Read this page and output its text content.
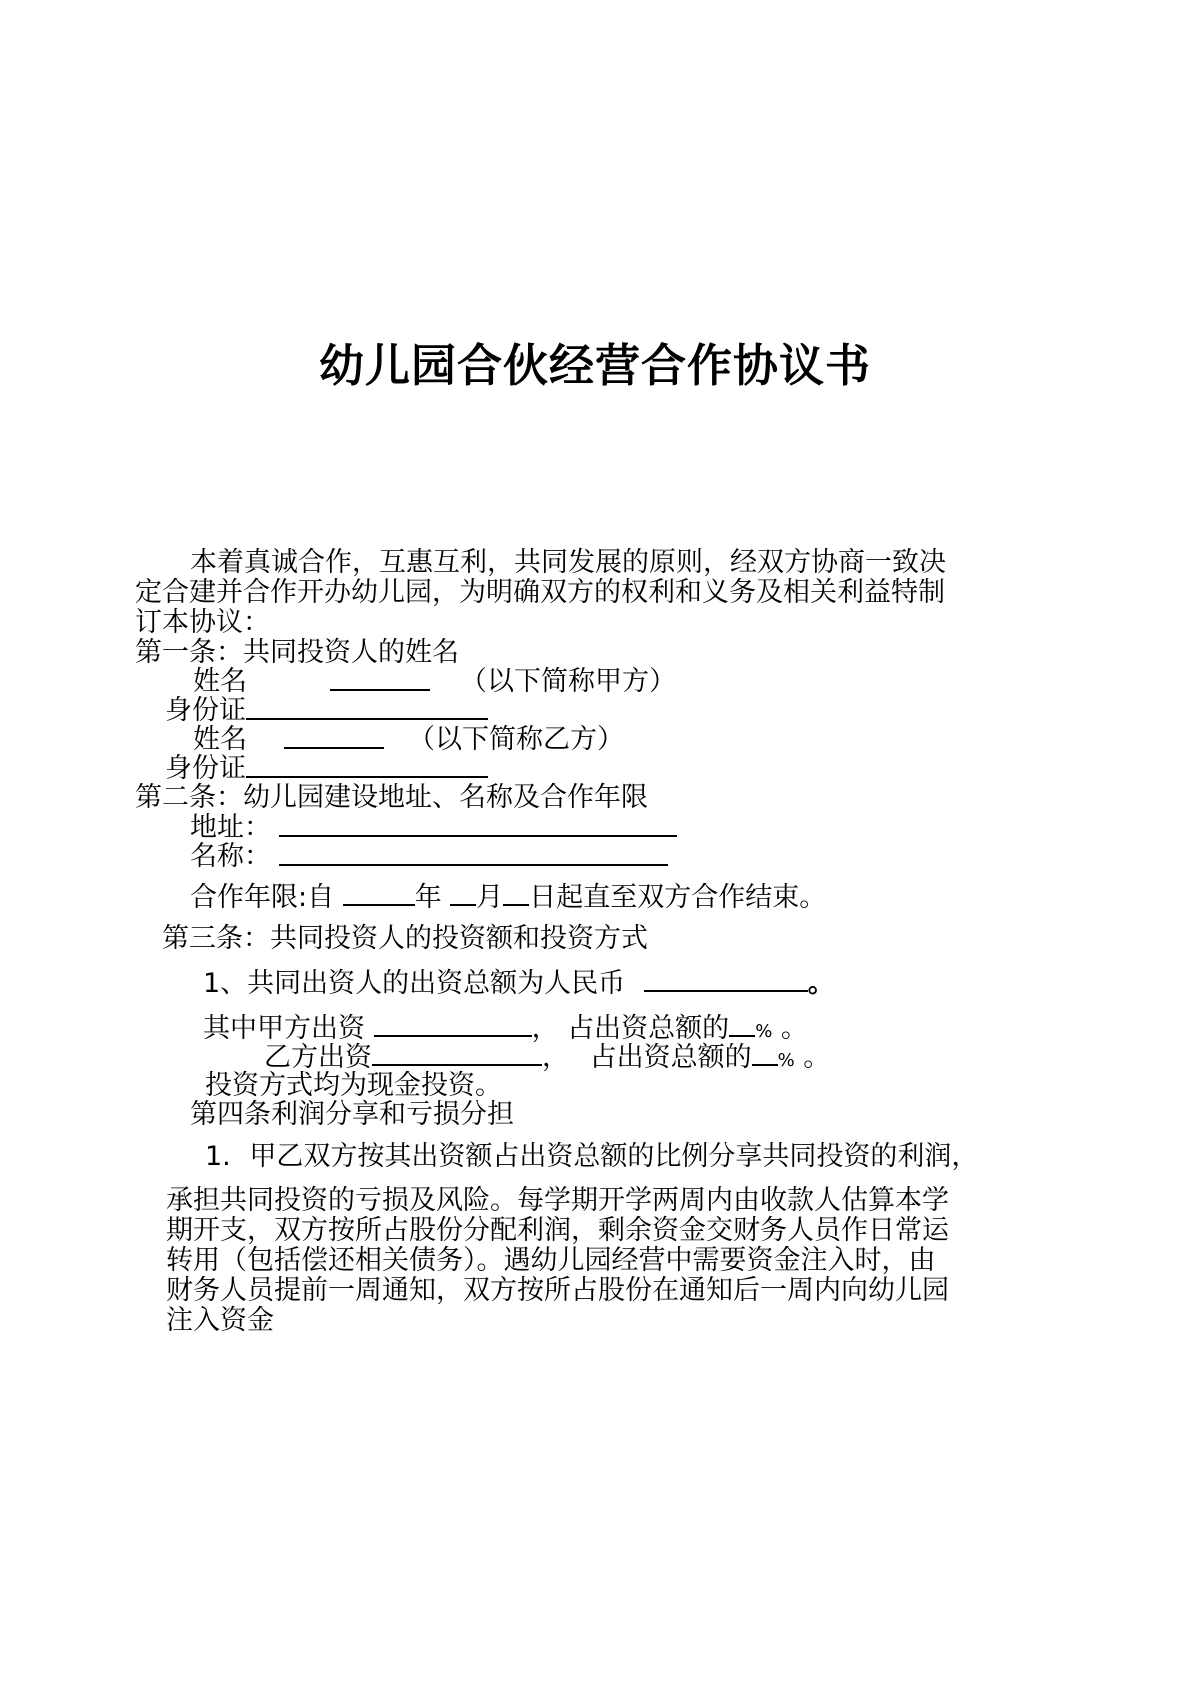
幼儿园合伙经营合作协议书
本着真诚合作，互惠互利，共同发展的原则，经双方协商一致决
定合建并合作开办幼儿园，为明确双方的权利和义务及相关利益特制
订本协议：
第一条：共同投资人的姓名
姓名	（以下简称甲方）
身份证
姓名	（以下简称乙方）
身份证
第二条：幼儿园建设地址、名称及合作年限
地址：
名称：
合作年限:自	年 月 日起直至双方合作结束。
第三条：共同投资人的投资额和投资方式
1、共同出资人的出资总额为人民币	。
其中甲方出资	， 占出资总额的 % 。
乙方出资	， 占出资总额的 % 。
投资方式均为现金投资。
第四条利润分享和亏损分担
1. 甲乙双方按其出资额占出资总额的比例分享共同投资的利润，
承担共同投资的亏损及风险。每学期开学两周内由收款人估算本学
期开支，双方按所占股份分配利润，剩余资金交财务人员作日常运
转用（包括偿还相关债务）。遇幼儿园经营中需要资金注入时，由
财务人员提前一周通知，双方按所占股份在通知后一周内向幼儿园
注入资金
